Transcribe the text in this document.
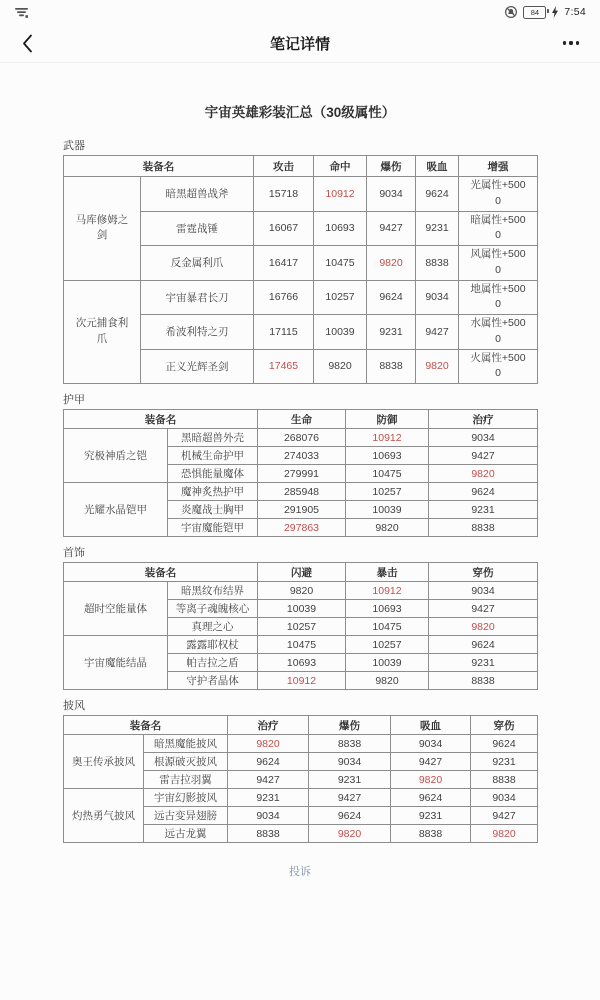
84 7:54
笔记详情
宇宙英雄彩装汇总（30级属性）
武器
装备名		攻击	命中	爆伤	吸血	增强
马库修姆之剑	暗黑超兽战斧	15718	10912	9034	9624	光属性+5000
	雷霆战锤	16067	10693	9427	9231	暗属性+5000
	反金属利爪	16417	10475	9820	8838	风属性+5000
次元捕食利爪	宇宙暴君长刀	16766	10257	9624	9034	地属性+5000
	希波利特之刃	17115	10039	9231	9427	水属性+5000
	正义光辉圣剑	17465	9820	8838	9820	火属性+5000
护甲
装备名		生命	防御	治疗
究极神盾之铠	黑暗超兽外壳	268076	10912	9034
	机械生命护甲	274033	10693	9427
	恐惧能量魔体	279991	10475	9820
光耀水晶铠甲	魔神炙热护甲	285948	10257	9624
	炎魔战士胸甲	291905	10039	9231
	宇宙魔能铠甲	297863	9820	8838
首饰
装备名		闪避	暴击	穿伤
超时空能量体	暗黑纹布结界	9820	10912	9034
	等离子魂魄核心	10039	10693	9427
	真理之心	10257	10475	9820
宇宙魔能结晶	露露耶权杖	10475	10257	9624
	帕吉拉之盾	10693	10039	9231
	守护者晶体	10912	9820	8838
披风
装备名		治疗	爆伤	吸血	穿伤
奥王传承披风	暗黑魔能披风	9820	8838	9034	9624
	根源破灭披风	9624	9034	9427	9231
	雷吉拉羽翼	9427	9231	9820	8838
灼热勇气披风	宇宙幻影披风	9231	9427	9624	9034
	远古变异翅膀	9034	9624	9231	9427
	远古龙翼	8838	9820	8838	9820
投诉
